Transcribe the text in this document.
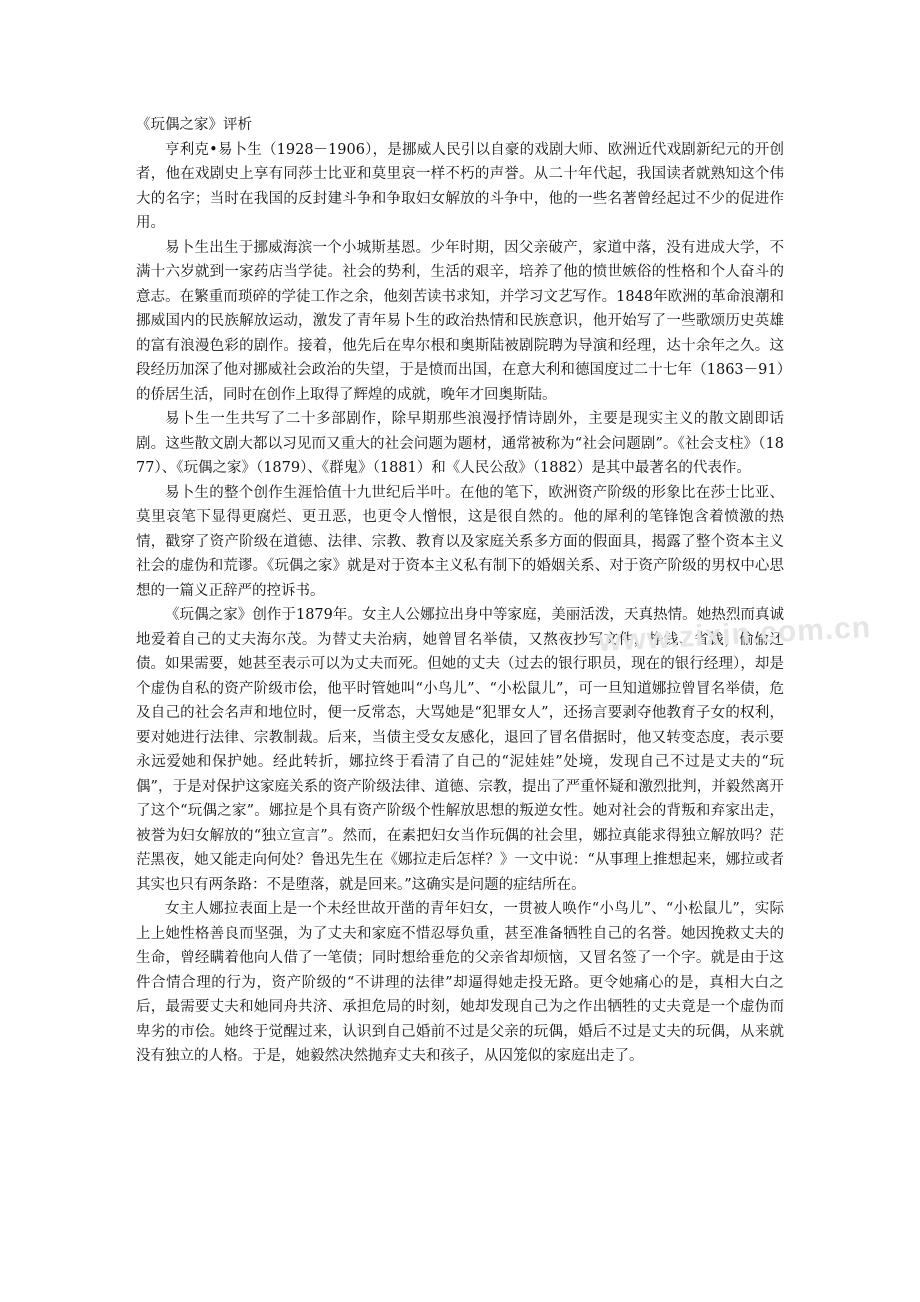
《玩偶之家》评析

亨利克•易卜生（1928－1906），是挪威人民引以自豪的戏剧大师、欧洲近代戏剧新纪元的开创者，他在戏剧史上享有同莎士比亚和莫里哀一样不朽的声誉。从二十年代起，我国读者就熟知这个伟大的名字；当时在我国的反封建斗争和争取妇女解放的斗争中，他的一些名著曾经起过不少的促进作用。

易卜生出生于挪威海滨一个小城斯基恩。少年时期，因父亲破产，家道中落，没有进成大学，不满十六岁就到一家药店当学徒。社会的势利，生活的艰辛，培养了他的愤世嫉俗的性格和个人奋斗的意志。在繁重而琐碎的学徒工作之余，他刻苦读书求知，并学习文艺写作。1848年欧洲的革命浪潮和挪威国内的民族解放运动，激发了青年易卜生的政治热情和民族意识，他开始写了一些歌颂历史英雄的富有浪漫色彩的剧作。接着，他先后在卑尔根和奥斯陆被剧院聘为导演和经理，达十余年之久。这段经历加深了他对挪威社会政治的失望，于是愤而出国，在意大利和德国度过二十七年（1863－91）的侨居生活，同时在创作上取得了辉煌的成就，晚年才回奥斯陆。

易卜生一生共写了二十多部剧作，除早期那些浪漫抒情诗剧外，主要是现实主义的散文剧即话剧。这些散文剧大都以习见而又重大的社会问题为题材，通常被称为“社会问题剧”。《社会支柱》（1877）、《玩偶之家》（1879）、《群鬼》（1881）和《人民公敌》（1882）是其中最著名的代表作。

易卜生的整个创作生涯恰值十九世纪后半叶。在他的笔下，欧洲资产阶级的形象比在莎士比亚、莫里哀笔下显得更腐烂、更丑恶，也更令人憎恨，这是很自然的。他的犀利的笔锋饱含着愤激的热情，戳穿了资产阶级在道德、法律、宗教、教育以及家庭关系多方面的假面具，揭露了整个资本主义社会的虚伪和荒谬。《玩偶之家》就是对于资本主义私有制下的婚姻关系、对于资产阶级的男权中心思想的一篇义正辞严的控诉书。

《玩偶之家》创作于1879年。女主人公娜拉出身中等家庭，美丽活泼，天真热情。她热烈而真诚地爱着自己的丈夫海尔茂。为替丈夫治病，她曾冒名举债，又熬夜抄写文件，挣钱、省钱，偷偷还债。如果需要，她甚至表示可以为丈夫而死。但她的丈夫（过去的银行职员，现在的银行经理），却是个虚伪自私的资产阶级市侩，他平时管她叫“小鸟儿”、“小松鼠儿”，可一旦知道娜拉曾冒名举债，危及自己的社会名声和地位时，便一反常态，大骂她是“犯罪女人”，还扬言要剥夺他教育子女的权利，要对她进行法律、宗教制裁。后来，当债主受女友感化，退回了冒名借据时，他又转变态度，表示要永远爱她和保护她。经此转折，娜拉终于看清了自己的“泥娃娃”处境，发现自己不过是丈夫的“玩偶”，于是对保护这家庭关系的资产阶级法律、道德、宗教，提出了严重怀疑和激烈批判，并毅然离开了这个“玩偶之家”。娜拉是个具有资产阶级个性解放思想的叛逆女性。她对社会的背叛和弃家出走，被誉为妇女解放的“独立宣言”。然而，在素把妇女当作玩偶的社会里，娜拉真能求得独立解放吗？茫茫黑夜，她又能走向何处？鲁迅先生在《娜拉走后怎样？》一文中说：“从事理上推想起来，娜拉或者其实也只有两条路：不是堕落，就是回来。”这确实是问题的症结所在。

女主人娜拉表面上是一个未经世故开凿的青年妇女，一贯被人唤作“小鸟儿”、“小松鼠儿”，实际上上她性格善良而坚强，为了丈夫和家庭不惜忍辱负重，甚至准备牺牲自己的名誉。她因挽救丈夫的生命，曾经瞒着他向人借了一笔债；同时想给垂危的父亲省却烦恼，又冒名签了一个字。就是由于这件合情合理的行为，资产阶级的“不讲理的法律”却逼得她走投无路。更令她痛心的是，真相大白之后，最需要丈夫和她同舟共济、承担危局的时刻，她却发现自己为之作出牺牲的丈夫竟是一个虚伪而卑劣的市侩。她终于觉醒过来，认识到自己婚前不过是父亲的玩偶，婚后不过是丈夫的玩偶，从来就没有独立的人格。于是，她毅然决然抛弃丈夫和孩子，从囚笼似的家庭出走了。

www.zixin.com.cn
